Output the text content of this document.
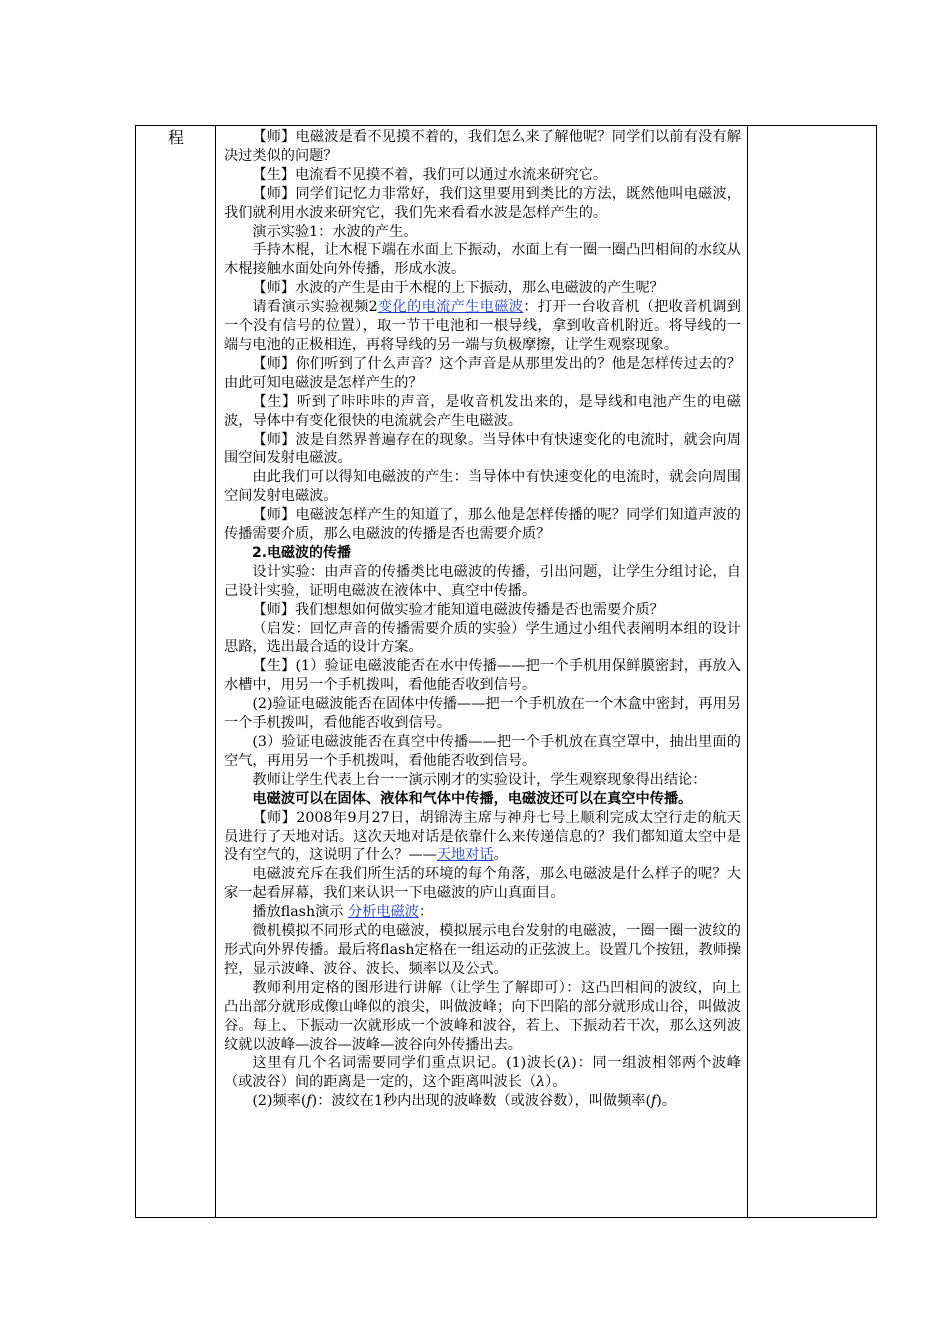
程	【师】电磁波是看不见摸不着的，我们怎么来了解他呢？同学们以前有没有解决过类似的问题？

【生】电流看不见摸不着，我们可以通过水流来研究它。

【师】同学们记忆力非常好，我们这里要用到类比的方法，既然他叫电磁波，我们就利用水波来研究它，我们先来看看水波是怎样产生的。

演示实验1：水波的产生。

手持木棍，让木棍下端在水面上下振动，水面上有一圈一圈凸凹相间的水纹从木棍接触水面处向外传播，形成水波。

【师】水波的产生是由于木棍的上下振动，那么电磁波的产生呢？

请看演示实验视频2变化的电流产生电磁波：打开一台收音机（把收音机调到一个没有信号的位置），取一节干电池和一根导线，拿到收音机附近。将导线的一端与电池的正极相连，再将导线的另一端与负极摩擦，让学生观察现象。

【师】你们听到了什么声音？这个声音是从那里发出的？他是怎样传过去的？由此可知电磁波是怎样产生的？

【生】听到了咔咔咔的声音，是收音机发出来的，是导线和电池产生的电磁波，导体中有变化很快的电流就会产生电磁波。

【师】波是自然界普遍存在的现象。当导体中有快速变化的电流时，就会向周围空间发射电磁波。

由此我们可以得知电磁波的产生：当导体中有快速变化的电流时，就会向周围空间发射电磁波。

【师】电磁波怎样产生的知道了，那么他是怎样传播的呢？同学们知道声波的传播需要介质，那么电磁波的传播是否也需要介质？

2.电磁波的传播

设计实验：由声音的传播类比电磁波的传播，引出问题，让学生分组讨论，自己设计实验，证明电磁波在液体中、真空中传播。

【师】我们想想如何做实验才能知道电磁波传播是否也需要介质？

（启发：回忆声音的传播需要介质的实验）学生通过小组代表阐明本组的设计思路，选出最合适的设计方案。

【生】(1）验证电磁波能否在水中传播——把一个手机用保鲜膜密封，再放入水槽中，用另一个手机拨叫，看他能否收到信号。

(2)验证电磁波能否在固体中传播——把一个手机放在一个木盒中密封，再用另一个手机拨叫，看他能否收到信号。

(3）验证电磁波能否在真空中传播——把一个手机放在真空罩中，抽出里面的空气，再用另一个手机拨叫，看他能否收到信号。

教师让学生代表上台一一演示刚才的实验设计，学生观察现象得出结论：

电磁波可以在固体、液体和气体中传播，电磁波还可以在真空中传播。

【师】2008年9月27日，胡锦涛主席与神舟七号上顺利完成太空行走的航天员进行了天地对话。这次天地对话是依靠什么来传递信息的？我们都知道太空中是没有空气的，这说明了什么？——天地对话。

电磁波充斥在我们所生活的环境的每个角落，那么电磁波是什么样子的呢？大家一起看屏幕，我们来认识一下电磁波的庐山真面目。

播放flash演示 分析电磁波：

微机模拟不同形式的电磁波，模拟展示电台发射的电磁波，一圈一圈一波纹的形式向外界传播。最后将flash定格在一组运动的正弦波上。设置几个按钮，教师操控，显示波峰、波谷、波长、频率以及公式。

教师利用定格的图形进行讲解（让学生了解即可）：这凸凹相间的波纹，向上凸出部分就形成像山峰似的浪尖，叫做波峰；向下凹陷的部分就形成山谷，叫做波谷。每上、下振动一次就形成一个波峰和波谷，若上、下振动若干次，那么这列波纹就以波峰—波谷—波峰—波谷向外传播出去。

这里有几个名词需要同学们重点识记。(1)波长(λ)：同一组波相邻两个波峰（或波谷）间的距离是一定的，这个距离叫波长（λ）。

(2)频率(f)：波纹在1秒内出现的波峰数（或波谷数），叫做频率(f)。
